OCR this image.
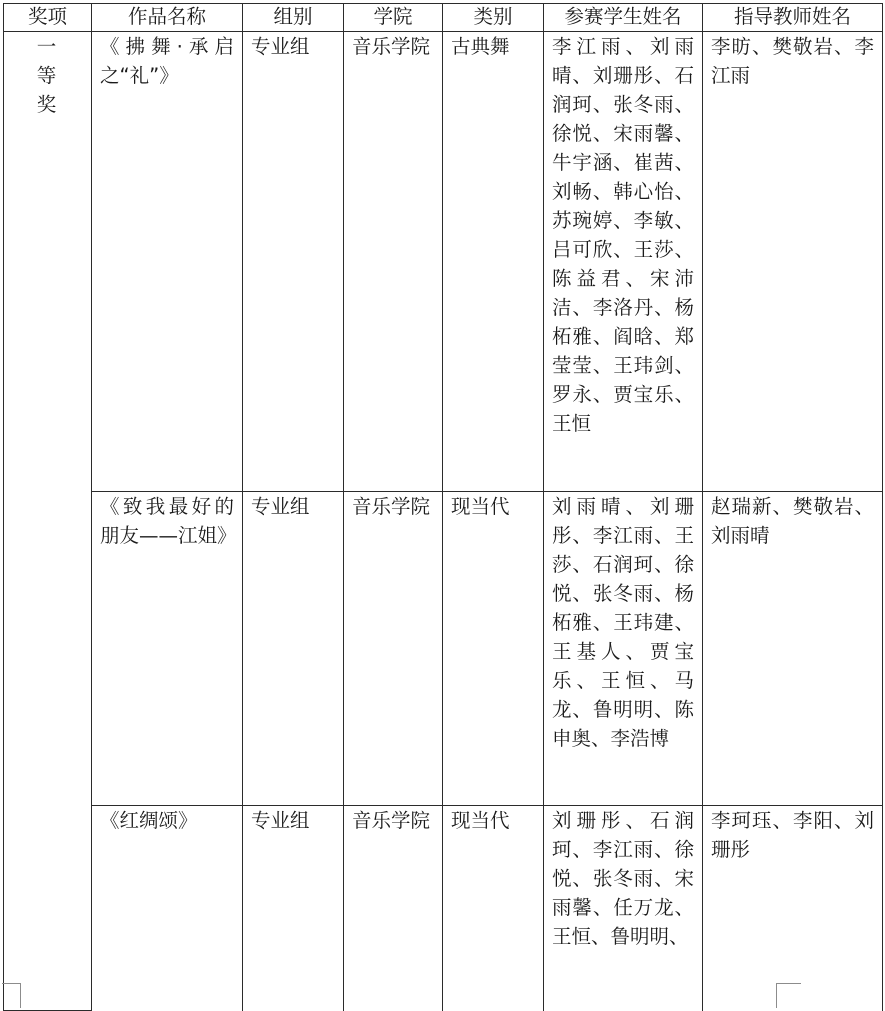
奖项	作品名称	组别	学院	类别	参赛学生姓名	指导教师姓名

一等奖	《拂舞·承启之“礼”》	专业组	音乐学院	古典舞	李江雨、刘雨晴、刘珊彤、石润珂、张冬雨、徐悦、宋雨馨、牛宇涵、崔茜、刘畅、韩心怡、苏琬婷、李敏、吕可欣、王莎、陈益君、宋沛洁、李洛丹、杨柘雅、阎晗、郑莹莹、王玮剑、罗永、贾宝乐、王恒	李昉、樊敬岩、李江雨
	《致我最好的朋友——江姐》	专业组	音乐学院	现当代	刘雨晴、刘珊彤、李江雨、王莎、石润珂、徐悦、张冬雨、杨柘雅、王玮建、王基人、贾宝乐、王恒、马龙、鲁明明、陈申奥、李浩博	赵瑞新、樊敬岩、刘雨晴
	《红绸颂》	专业组	音乐学院	现当代	刘珊彤、石润珂、李江雨、徐悦、张冬雨、宋雨馨、任万龙、王恒、鲁明明、	李珂珏、李阳、刘珊彤
